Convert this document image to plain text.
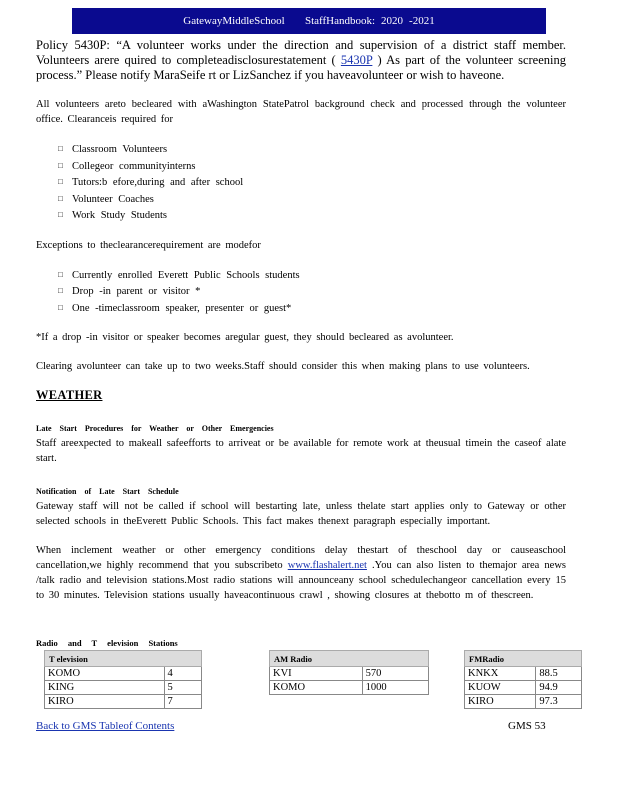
GatewayMiddleSchool
StaffHandbook: 2020 -2021

Policy 5430P: “A volunteer works under the direction and supervision of a district staff member. Volunteers arere quired to completeadisclosurestatement ( 5430P ) As part of the volunteer screening process.” Please notify MaraSeife rt or LizSanchez if you haveavolunteer or wish to haveone.

All volunteers areto becleared with aWashington StatePatrol background check and processed through the volunteer office. Clearanceis required for

□ Classroom Volunteers
□ Collegeor communityinterns
□ Tutors:b efore,during and after school
□ Volunteer Coaches
□ Work Study Students

Exceptions to theclearancerequirement are modefor

□ Currently enrolled Everett Public Schools students
□ Drop -in parent or visitor *
□ One -timeclassroom speaker, presenter or guest*

*If a drop -in visitor or speaker becomes aregular guest, they should becleared as avolunteer.

Clearing avolunteer can take up to two weeks.Staff should consider this when making plans to use volunteers.

WEATHER

Late Start Procedures for Weather or Other Emergencies

Staff areexpected to makeall safeefforts to arriveat or be available for remote work at theusual timein the caseof alate start.

Notification of Late Start Schedule

Gateway staff will not be called if school will bestarting late, unless thelate start applies only to Gateway or other selected schools in theEverett Public Schools. This fact makes thenext paragraph especially important.

When inclement weather or other emergency conditions delay thestart of theschool day or causeaschool cancellation,we highly recommend that you subscribeto www.flashalert.net .You can also listen to themajor area news /talk radio and television stations.Most radio stations will announceany school schedulechangeor cancellation every 15 to 30 minutes. Television stations usually haveacontinuous crawl , showing closures at thebotto m of thescreen.

Radio and T elevision Stations
T elevision	
KOMO	4
KING	5
KIRO	7
AM Radio	
KVI	570
KOMO	1000
FMRadio	
KNKX	88.5
KUOW	94.9
KIRO	97.3
Back to GMS Tableof Contents	GMS 53
